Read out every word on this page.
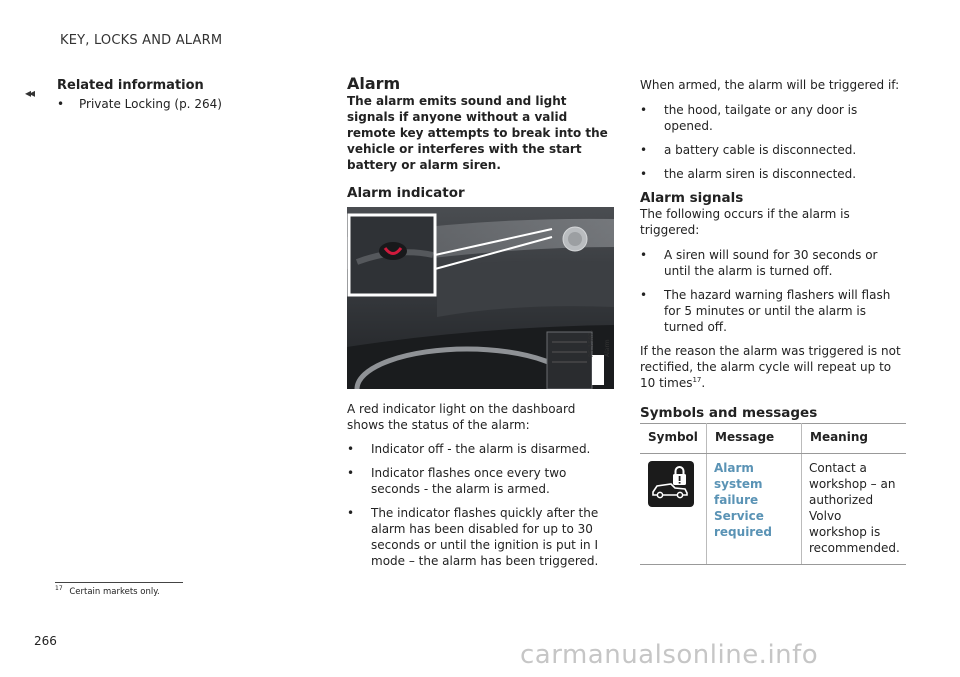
KEY, LOCKS AND ALARM
◂◂ Related information
• Private Locking (p. 264)
Alarm
The alarm emits sound and light signals if anyone without a valid remote key attempts to break into the vehicle or interferes with the start battery or alarm siren.
Alarm indicator
P5-1507-Alarm
A red indicator light on the dashboard shows the status of the alarm:
• Indicator off - the alarm is disarmed.
• Indicator flashes once every two seconds - the alarm is armed.
• The indicator flashes quickly after the alarm has been disabled for up to 30 seconds or until the ignition is put in I mode – the alarm has been triggered.
When armed, the alarm will be triggered if:
• the hood, tailgate or any door is opened.
• a battery cable is disconnected.
• the alarm siren is disconnected.
Alarm signals
The following occurs if the alarm is triggered:
• A siren will sound for 30 seconds or until the alarm is turned off.
• The hazard warning flashers will flash for 5 minutes or until the alarm is turned off.
If the reason the alarm was triggered is not rectified, the alarm cycle will repeat up to 10 times$^{17}$.
Symbols and messages
Symbol	Message	Meaning
	Alarm system failure Service required	Contact a workshop – an authorized Volvo workshop is recommended.
$^{17}$ Certain markets only.
266	carmanualsonline.info
